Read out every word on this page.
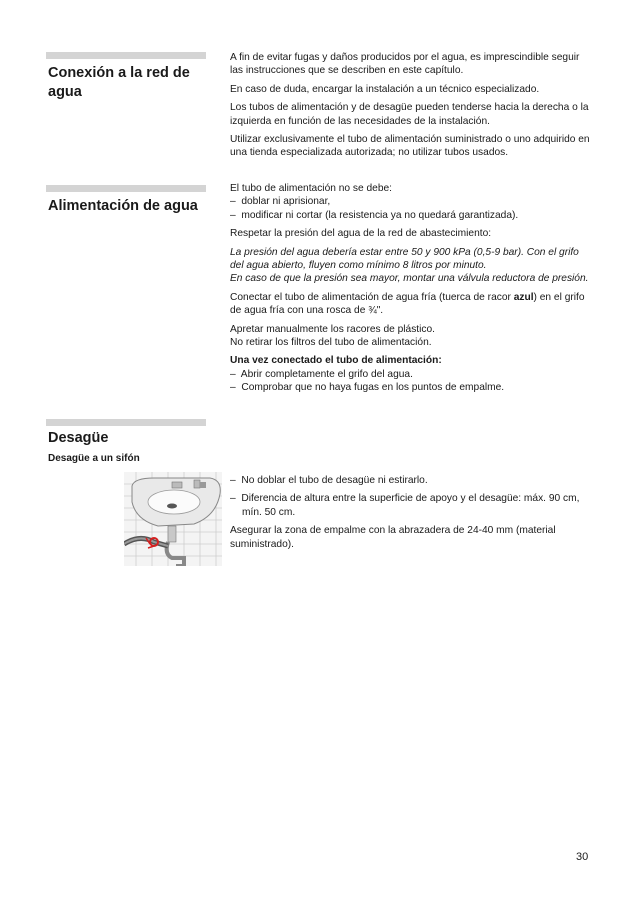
Conexión a la red de
agua

A fin de evitar fugas y daños producidos por el agua, es imprescindible seguir las instrucciones que se describen en este capítulo.

En caso de duda, encargar la instalación a un técnico especializado.

Los tubos de alimentación y de desagüe pueden tenderse hacia la derecha o la izquierda en función de las necesidades de la instalación.

Utilizar exclusivamente el tubo de alimentación suministrado o uno adquirido en una tienda especializada autorizada; no utilizar tubos usados.

Alimentación de agua

El tubo de alimentación no se debe:
– doblar ni aprisionar,
– modificar ni cortar (la resistencia ya no quedará garantizada).

Respetar la presión del agua de la red de abastecimiento:

La presión del agua debería estar entre 50 y 900 kPa (0,5-9 bar). Con el grifo del agua abierto, fluyen como mínimo 8 litros por minuto.
En caso de que la presión sea mayor, montar una válvula reductora de presión.

Conectar el tubo de alimentación de agua fría (tuerca de racor azul) en el grifo de agua fría con una rosca de ¾".

Apretar manualmente los racores de plástico.
No retirar los filtros del tubo de alimentación.

Una vez conectado el tubo de alimentación:
– Abrir completamente el grifo del agua.
– Comprobar que no haya fugas en los puntos de empalme.

Desagüe
Desagüe a un sifón

– No doblar el tubo de desagüe ni estirarlo.

– Diferencia de altura entre la superficie de apoyo y el desagüe: máx. 90 cm, mín. 50 cm.

Asegurar la zona de empalme con la abrazadera de 24-40 mm (material suministrado).

30
